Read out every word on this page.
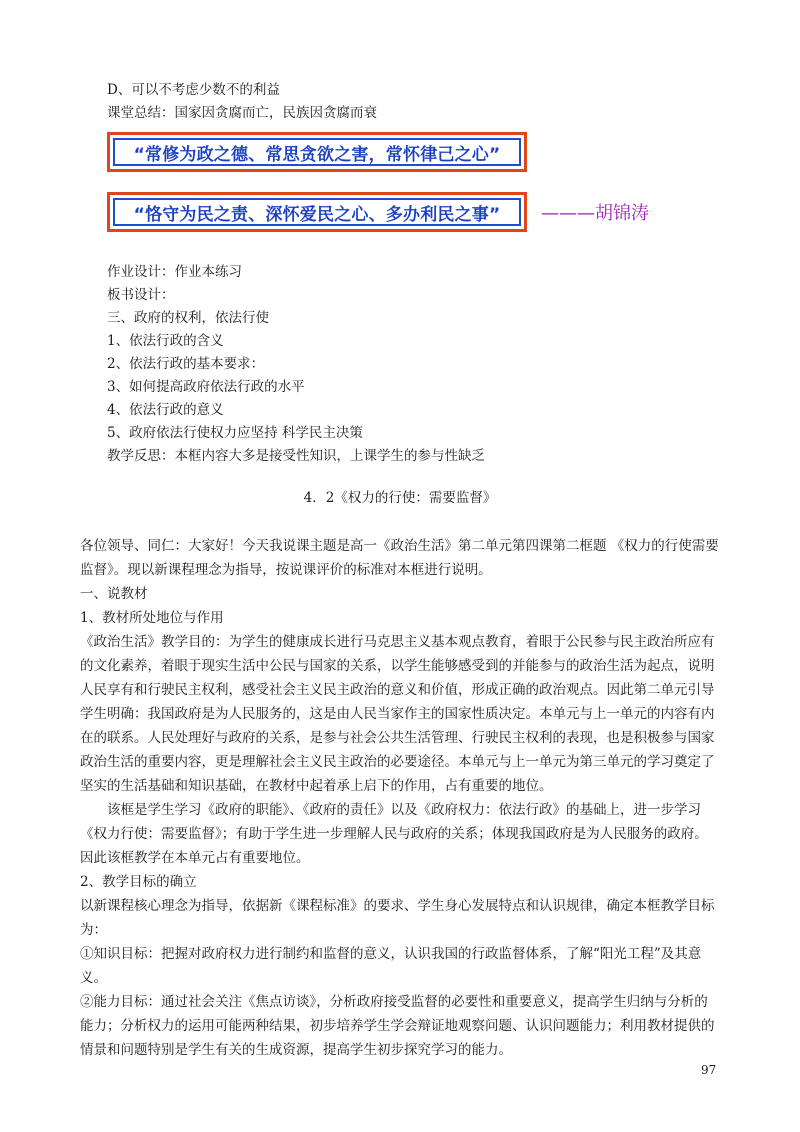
D、可以不考虑少数不的利益

课堂总结：国家因贪腐而亡，民族因贪腐而衰

“常修为政之德、常思贪欲之害，常怀律己之心”
“恪守为民之责、深怀爱民之心、多办利民之事”	———胡锦涛

作业设计：作业本练习

板书设计：

三、政府的权利，依法行使

1、依法行政的含义

2、依法行政的基本要求：

3、如何提高政府依法行政的水平

4、依法行政的意义

5、政府依法行使权力应坚持 科学民主决策

教学反思：本框内容大多是接受性知识，上课学生的参与性缺乏

4．2《权力的行使：需要监督》

各位领导、同仁：大家好！今天我说课主题是高一《政治生活》第二单元第四课第二框题 《权力的行使需要监督》。现以新课程理念为指导，按说课评价的标准对本框进行说明。

一、说教材

1、教材所处地位与作用

《政治生活》教学目的：为学生的健康成长进行马克思主义基本观点教育，着眼于公民参与民主政治所应有的文化素养，着眼于现实生活中公民与国家的关系，以学生能够感受到的并能参与的政治生活为起点，说明人民享有和行驶民主权利，感受社会主义民主政治的意义和价值，形成正确的政治观点。因此第二单元引导学生明确：我国政府是为人民服务的，这是由人民当家作主的国家性质决定。本单元与上一单元的内容有内在的联系。人民处理好与政府的关系，是参与社会公共生活管理、行驶民主权利的表现，也是积极参与国家政治生活的重要内容，更是理解社会主义民主政治的必要途径。本单元与上一单元为第三单元的学习奠定了坚实的生活基础和知识基础，在教材中起着承上启下的作用，占有重要的地位。

该框是学生学习《政府的职能》、《政府的责任》以及《政府权力：依法行政》的基础上，进一步学习《权力行使：需要监督》；有助于学生进一步理解人民与政府的关系；体现我国政府是为人民服务的政府。因此该框教学在本单元占有重要地位。

2、教学目标的确立

以新课程核心理念为指导，依据新《课程标准》的要求、学生身心发展特点和认识规律，确定本框教学目标为：

①知识目标：把握对政府权力进行制约和监督的意义，认识我国的行政监督体系，了解“阳光工程”及其意义。

②能力目标：通过社会关注《焦点访谈》，分析政府接受监督的必要性和重要意义，提高学生归纳与分析的能力；分析权力的运用可能两种结果，初步培养学生学会辩证地观察问题、认识问题能力；利用教材提供的情景和问题特别是学生有关的生成资源，提高学生初步探究学习的能力。

97
